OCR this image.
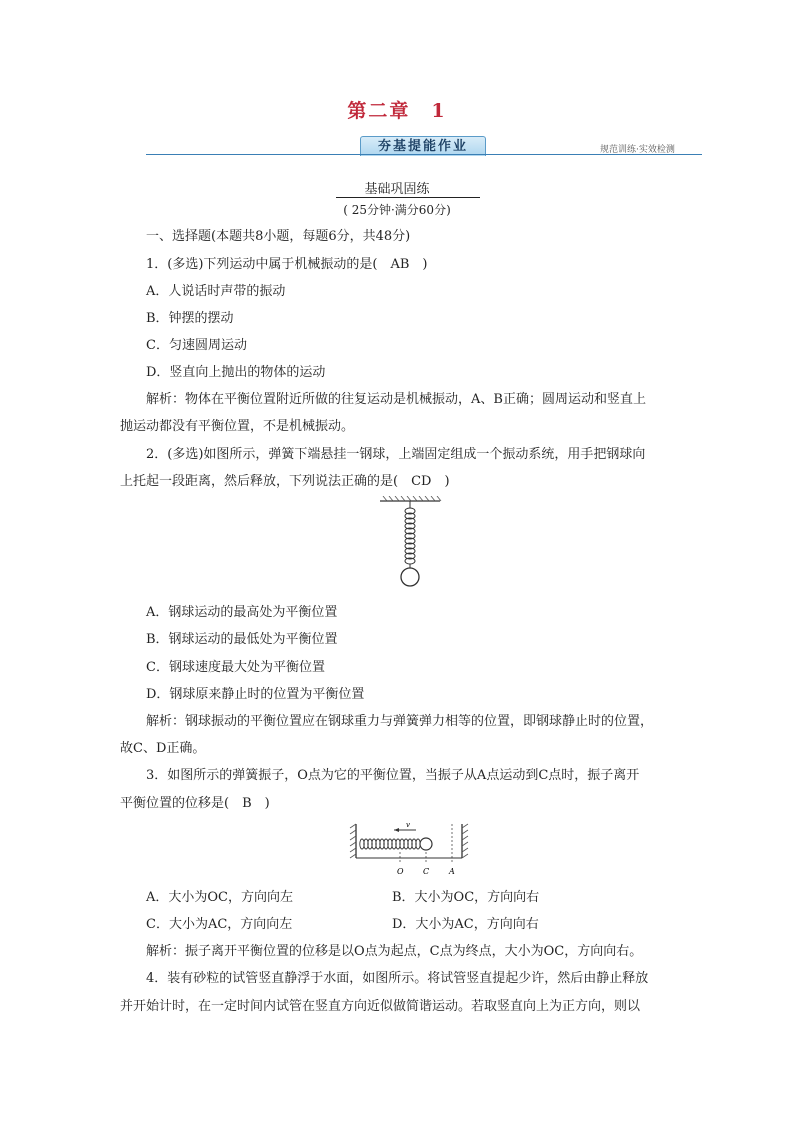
第二章　1
夯基提能作业	规范训练·实效检测
基础巩固练
( 25分钟·满分60分)
一、选择题(本题共8小题，每题6分，共48分)
1．(多选)下列运动中属于机械振动的是(　AB　)
A．人说话时声带的振动
B．钟摆的摆动
C．匀速圆周运动
D．竖直向上抛出的物体的运动
解析：物体在平衡位置附近所做的往复运动是机械振动，A、B正确；圆周运动和竖直上
抛运动都没有平衡位置，不是机械振动。
2．(多选)如图所示，弹簧下端悬挂一钢球，上端固定组成一个振动系统，用手把钢球向
上托起一段距离，然后释放，下列说法正确的是(　CD　)
A．钢球运动的最高处为平衡位置
B．钢球运动的最低处为平衡位置
C．钢球速度最大处为平衡位置
D．钢球原来静止时的位置为平衡位置
解析：钢球振动的平衡位置应在钢球重力与弹簧弹力相等的位置，即钢球静止时的位置，
故C、D正确。
3．如图所示的弹簧振子，O点为它的平衡位置，当振子从A点运动到C点时，振子离开
平衡位置的位移是(　B　)
v
O C A
A．大小为OC，方向向左	B．大小为OC，方向向右
C．大小为AC，方向向左	D．大小为AC，方向向右
解析：振子离开平衡位置的位移是以O点为起点，C点为终点，大小为OC，方向向右。
4．装有砂粒的试管竖直静浮于水面，如图所示。将试管竖直提起少许，然后由静止释放
并开始计时，在一定时间内试管在竖直方向近似做简谐运动。若取竖直向上为正方向，则以
